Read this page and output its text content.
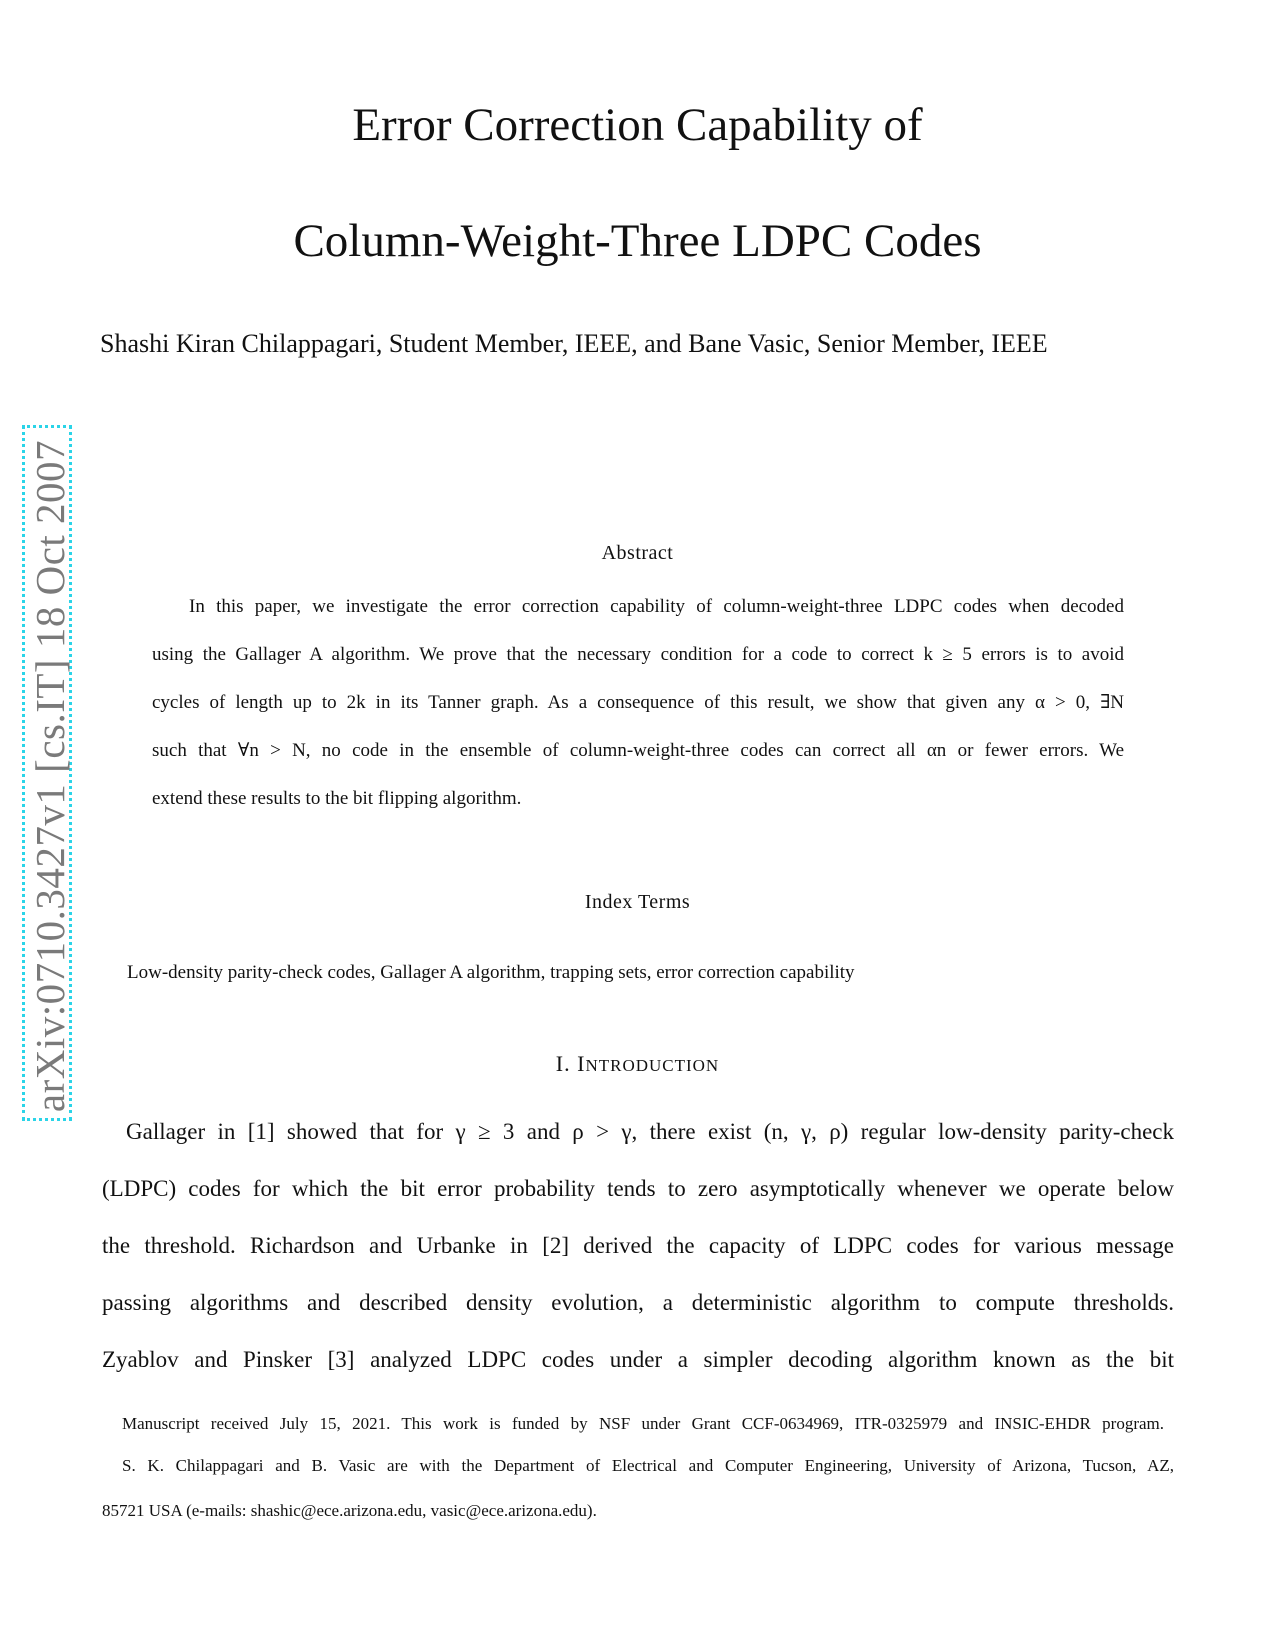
Error Correction Capability of
Column-Weight-Three LDPC Codes
Shashi Kiran Chilappagari, Student Member, IEEE, and Bane Vasic, Senior Member, IEEE
arXiv:0710.3427v1 [cs.IT] 18 Oct 2007	Abstract
In this paper, we investigate the error correction capability of column-weight-three LDPC codes when decoded
using the Gallager A algorithm. We prove that the necessary condition for a code to correct k ≥ 5 errors is to avoid
cycles of length up to 2k in its Tanner graph. As a consequence of this result, we show that given any α > 0, ∃N
such that ∀n > N, no code in the ensemble of column-weight-three codes can correct all αn or fewer errors. We
extend these results to the bit flipping algorithm.
Index Terms
Low-density parity-check codes, Gallager A algorithm, trapping sets, error correction capability
I. INTRODUCTION
Gallager in [1] showed that for γ ≥ 3 and ρ > γ, there exist (n, γ, ρ) regular low-density parity-check
(LDPC) codes for which the bit error probability tends to zero asymptotically whenever we operate below
the threshold. Richardson and Urbanke in [2] derived the capacity of LDPC codes for various message
passing algorithms and described density evolution, a deterministic algorithm to compute thresholds.
Zyablov and Pinsker [3] analyzed LDPC codes under a simpler decoding algorithm known as the bit
Manuscript received July 15, 2021. This work is funded by NSF under Grant CCF-0634969, ITR-0325979 and INSIC-EHDR program.
S. K. Chilappagari and B. Vasic are with the Department of Electrical and Computer Engineering, University of Arizona, Tucson, AZ,
85721 USA (e-mails: shashic@ece.arizona.edu, vasic@ece.arizona.edu).
